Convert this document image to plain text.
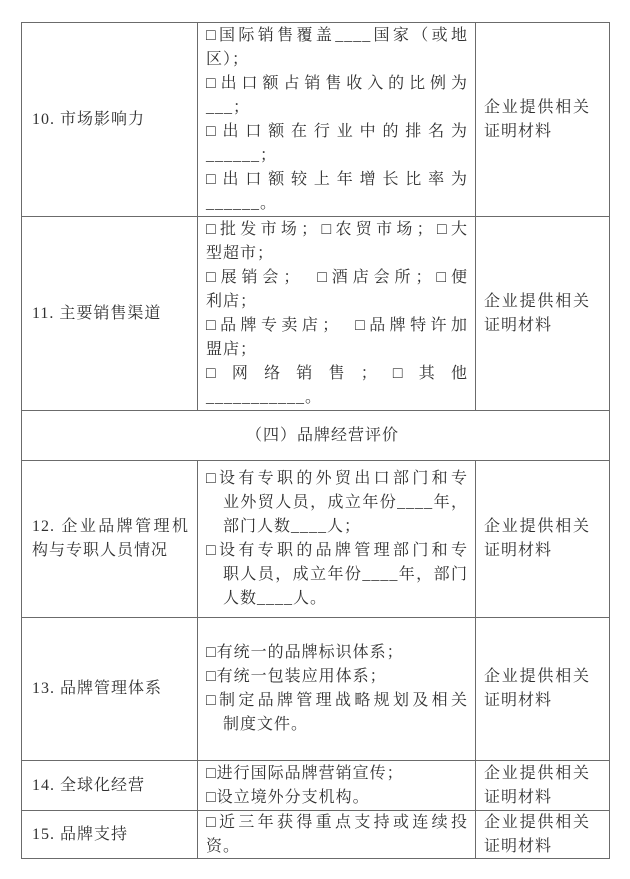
10. 市场影响力
□国际销售覆盖____国家（或地
区）；
□出口额占销售收入的比例为
___；
□出口额在行业中的排名为
______；
□出口额较上年增长比率为
______。
企业提供相关证明材料
11. 主要销售渠道
□批发市场；□农贸市场；□大
型超市；
□展销会；　□酒店会所；□便
利店；
□品牌专卖店；　□品牌特许加
盟店；
□网络销售；□其他
___________。
企业提供相关证明材料
（四）品牌经营评价
12. 企业品牌管理机构与专职人员情况
□设有专职的外贸出口部门和专
业外贸人员，成立年份____年，
部门人数____人；
□设有专职的品牌管理部门和专
职人员，成立年份____年，部门
人数____人。
企业提供相关证明材料
13. 品牌管理体系
□有统一的品牌标识体系；
□有统一包装应用体系；
□制定品牌管理战略规划及相关
制度文件。
企业提供相关证明材料
14. 全球化经营
□进行国际品牌营销宣传；
□设立境外分支机构。
企业提供相关证明材料
15. 品牌支持
□近三年获得重点支持或连续投
资。
企业提供相关证明材料
